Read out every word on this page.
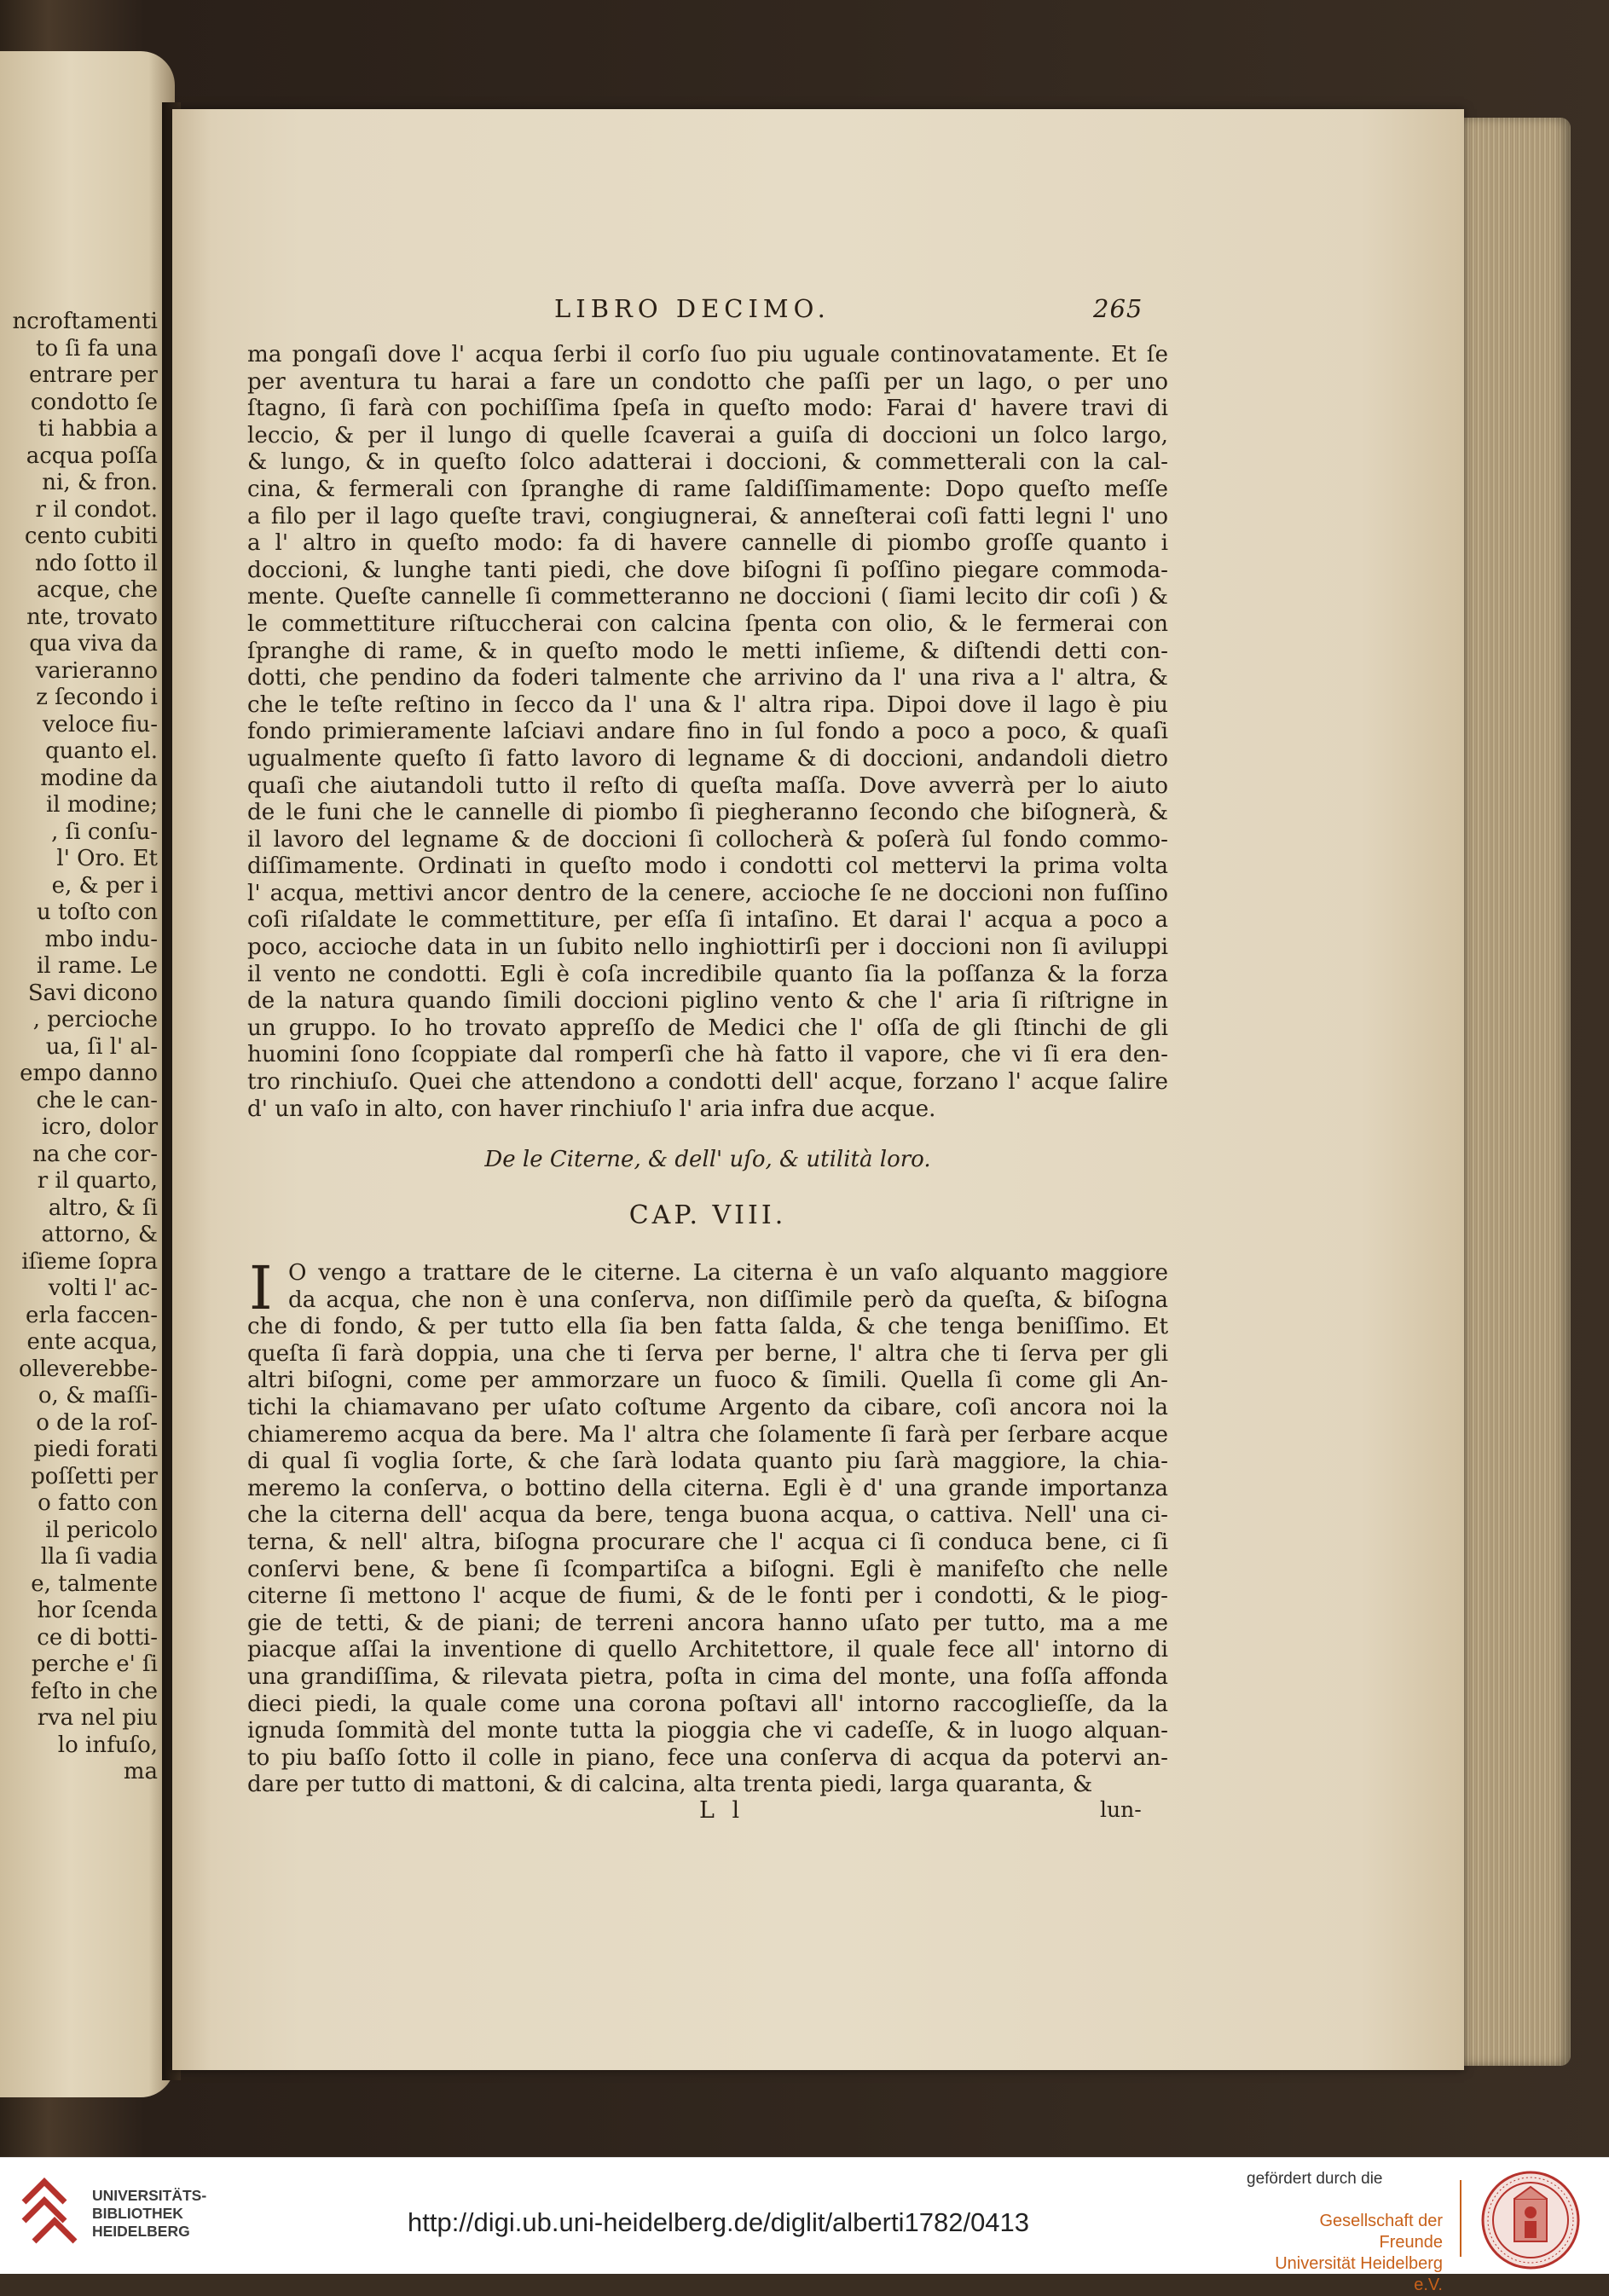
ncroftamenti
to ſi fa una
entrare per
condotto ſe
ti habbia a
acqua poſſa
ni, & fron.
r il condot.
cento cubiti
ndo ſotto il
acque, che
nte, trovato
qua viva da
varieranno
z ſecondo i
veloce fiu-
quanto el.
modine da
il modine;
, ſi conſu-
l' Oro. Et
e, & per i
u toſto con
mbo indu-
il rame. Le
Savi dicono
, percioche
ua, ſi l' al-
empo danno
che le can-
icro, dolor
na che cor-
r il quarto,
altro, & ſi
attorno, &
iſieme ſopra
volti l' ac-
erla faccen-
ente acqua,
olleverebbe-
o, & maſſi-
o de la roſ-
piedi forati
poſſetti per
o fatto con
il pericolo
lla ſi vadia
e, talmente
hor ſcenda
ce di botti-
perche e' ſi
feſto in che
rva nel piu
lo infuſo,
ma
LIBRO DECIMO.	265
ma pongaſi dove l' acqua ſerbi il corſo ſuo piu uguale continovatamente. Et ſe
per aventura tu harai a fare un condotto che paſſi per un lago, o per uno
ſtagno, ſi farà con pochiſſima ſpeſa in queſto modo: Farai d' havere travi di
leccio, & per il lungo di quelle ſcaverai a guiſa di doccioni un ſolco largo,
& lungo, & in queſto ſolco adatterai i doccioni, & commetterali con la cal-
cina, & fermerali con ſpranghe di rame ſaldiſſimamente: Dopo queſto meſſe
a filo per il lago queſte travi, congiugnerai, & anneſterai coſi fatti legni l' uno
a l' altro in queſto modo: fa di havere cannelle di piombo groſſe quanto i
doccioni, & lunghe tanti piedi, che dove biſogni ſi poſſino piegare commoda-
mente. Queſte cannelle ſi commetteranno ne doccioni ( ſiami lecito dir coſi ) &
le commettiture riſtuccherai con calcina ſpenta con olio, & le fermerai con
ſpranghe di rame, & in queſto modo le metti inſieme, & diſtendi detti con-
dotti, che pendino da foderi talmente che arrivino da l' una riva a l' altra, &
che le teſte reſtino in ſecco da l' una & l' altra ripa. Dipoi dove il lago è piu
fondo primieramente laſciavi andare fino in ſul fondo a poco a poco, & quaſi
ugualmente queſto ſi fatto lavoro di legname & di doccioni, andandoli dietro
quaſi che aiutandoli tutto il reſto di queſta maſſa. Dove avverrà per lo aiuto
de le funi che le cannelle di piombo ſi piegheranno ſecondo che biſognerà, &
il lavoro del legname & de doccioni ſi collocherà & poſerà ſul fondo commo-
diſſimamente. Ordinati in queſto modo i condotti col mettervi la prima volta
l' acqua, mettivi ancor dentro de la cenere, accioche ſe ne doccioni non fuſſino
coſi riſaldate le commettiture, per eſſa ſi intaſino. Et darai l' acqua a poco a
poco, accioche data in un ſubito nello inghiottirſi per i doccioni non ſi aviluppi
il vento ne condotti. Egli è coſa incredibile quanto ſia la poſſanza & la forza
de la natura quando ſimili doccioni piglino vento & che l' aria ſi riſtrigne in
un gruppo. Io ho trovato appreſſo de Medici che l' oſſa de gli ſtinchi de gli
huomini ſono ſcoppiate dal romperſi che hà fatto il vapore, che vi ſi era den-
tro rinchiuſo. Quei che attendono a condotti dell' acque, forzano l' acque ſalire
d' un vaſo in alto, con haver rinchiuſo l' aria infra due acque.
De le Citerne, & dell' uſo, & utilità loro.
CAP. VIII.
I O vengo a trattare de le citerne. La citerna è un vaſo alquanto maggiore
da acqua, che non è una conſerva, non diſſimile però da queſta, & biſogna
che di fondo, & per tutto ella ſia ben fatta ſalda, & che tenga beniſſimo. Et
queſta ſi farà doppia, una che ti ſerva per berne, l' altra che ti ſerva per gli
altri biſogni, come per ammorzare un fuoco & ſimili. Quella ſi come gli An-
tichi la chiamavano per uſato coſtume Argento da cibare, coſi ancora noi la
chiameremo acqua da bere. Ma l' altra che ſolamente ſi farà per ſerbare acque
di qual ſi voglia ſorte, & che ſarà lodata quanto piu ſarà maggiore, la chia-
meremo la conſerva, o bottino della citerna. Egli è d' una grande importanza
che la citerna dell' acqua da bere, tenga buona acqua, o cattiva. Nell' una ci-
terna, & nell' altra, biſogna procurare che l' acqua ci ſi conduca bene, ci ſi
conſervi bene, & bene ſi ſcompartiſca a biſogni. Egli è manifeſto che nelle
citerne ſi mettono l' acque de fiumi, & de le fonti per i condotti, & le piog-
gie de tetti, & de piani; de terreni ancora hanno uſato per tutto, ma a me
piacque aſſai la inventione di quello Architettore, il quale fece all' intorno di
una grandiſſima, & rilevata pietra, poſta in cima del monte, una foſſa affonda
dieci piedi, la quale come una corona poſtavi all' intorno raccoglieſſe, da la
ignuda ſommità del monte tutta la pioggia che vi cadeſſe, & in luogo alquan-
to piu baſſo ſotto il colle in piano, fece una conſerva di acqua da potervi an-
dare per tutto di mattoni, & di calcina, alta trenta piedi, larga quaranta, &
L l	lun-
UNIVERSITÄTS-
BIBLIOTHEK
HEIDELBERG	http://digi.ub.uni-heidelberg.de/diglit/alberti1782/0413
gefördert durch die
Gesellschaft der Freunde
Universität Heidelberg e.V.
